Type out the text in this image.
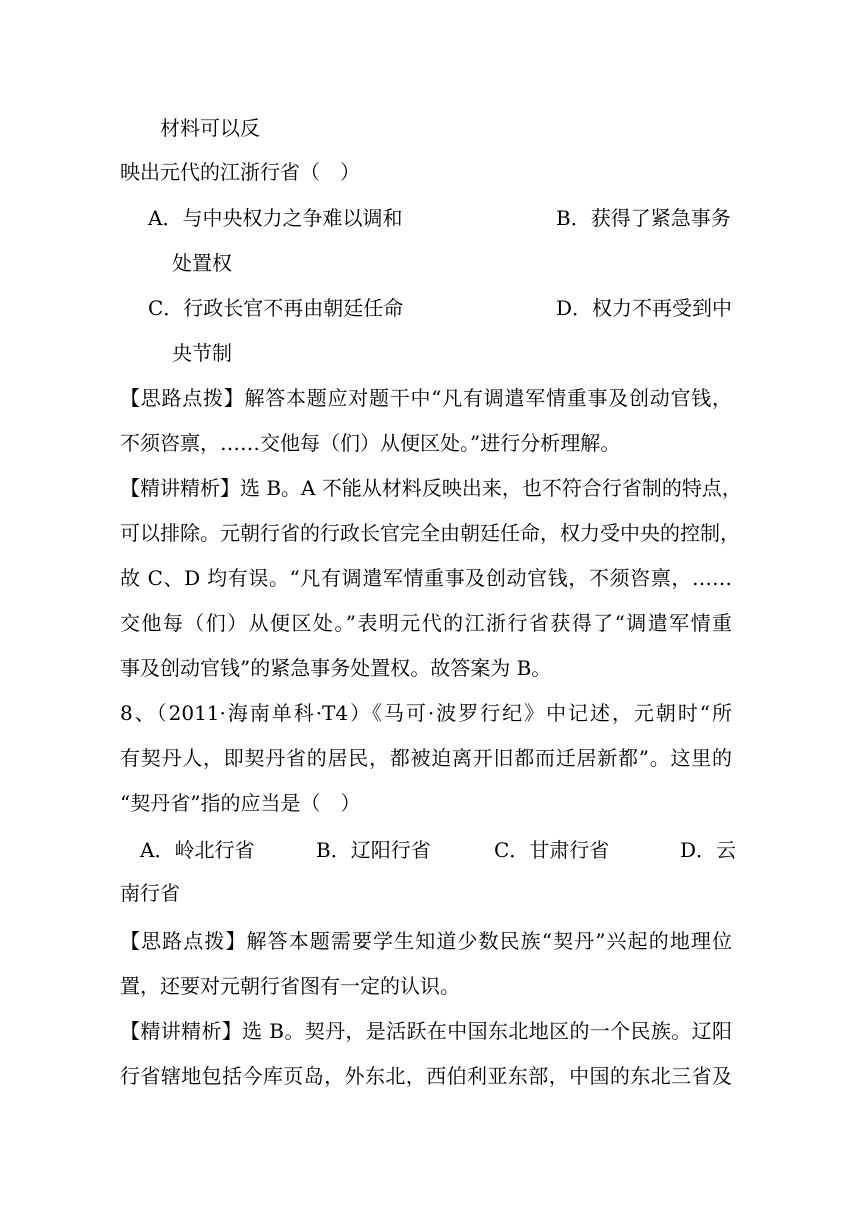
材料可以反
映出元代的江浙行省（　）
A．与中央权力之争难以调和	B．获得了紧急事务
处置权
C．行政长官不再由朝廷任命	D．权力不再受到中
央节制
【思路点拨】解答本题应对题干中“凡有调遣军情重事及创动官钱，
不须咨禀，……交他每（们）从便区处。”进行分析理解。
【精讲精析】选 B。A 不能从材料反映出来，也不符合行省制的特点，
可以排除。元朝行省的行政长官完全由朝廷任命，权力受中央的控制，
故 C、D 均有误。“凡有调遣军情重事及创动官钱，不须咨禀，……
交他每（们）从便区处。”表明元代的江浙行省获得了“调遣军情重
事及创动官钱”的紧急事务处置权。故答案为 B。
8、（2011·海南单科·T4）《马可·波罗行纪》中记述，元朝时“所
有契丹人，即契丹省的居民，都被迫离开旧都而迁居新都”。这里的
“契丹省”指的应当是（　）
A．岭北行省	B．辽阳行省	C．甘肃行省	D．云
南行省
【思路点拨】解答本题需要学生知道少数民族“契丹”兴起的地理位
置，还要对元朝行省图有一定的认识。
【精讲精析】选 B。契丹，是活跃在中国东北地区的一个民族。辽阳
行省辖地包括今库页岛，外东北，西伯利亚东部，中国的东北三省及
